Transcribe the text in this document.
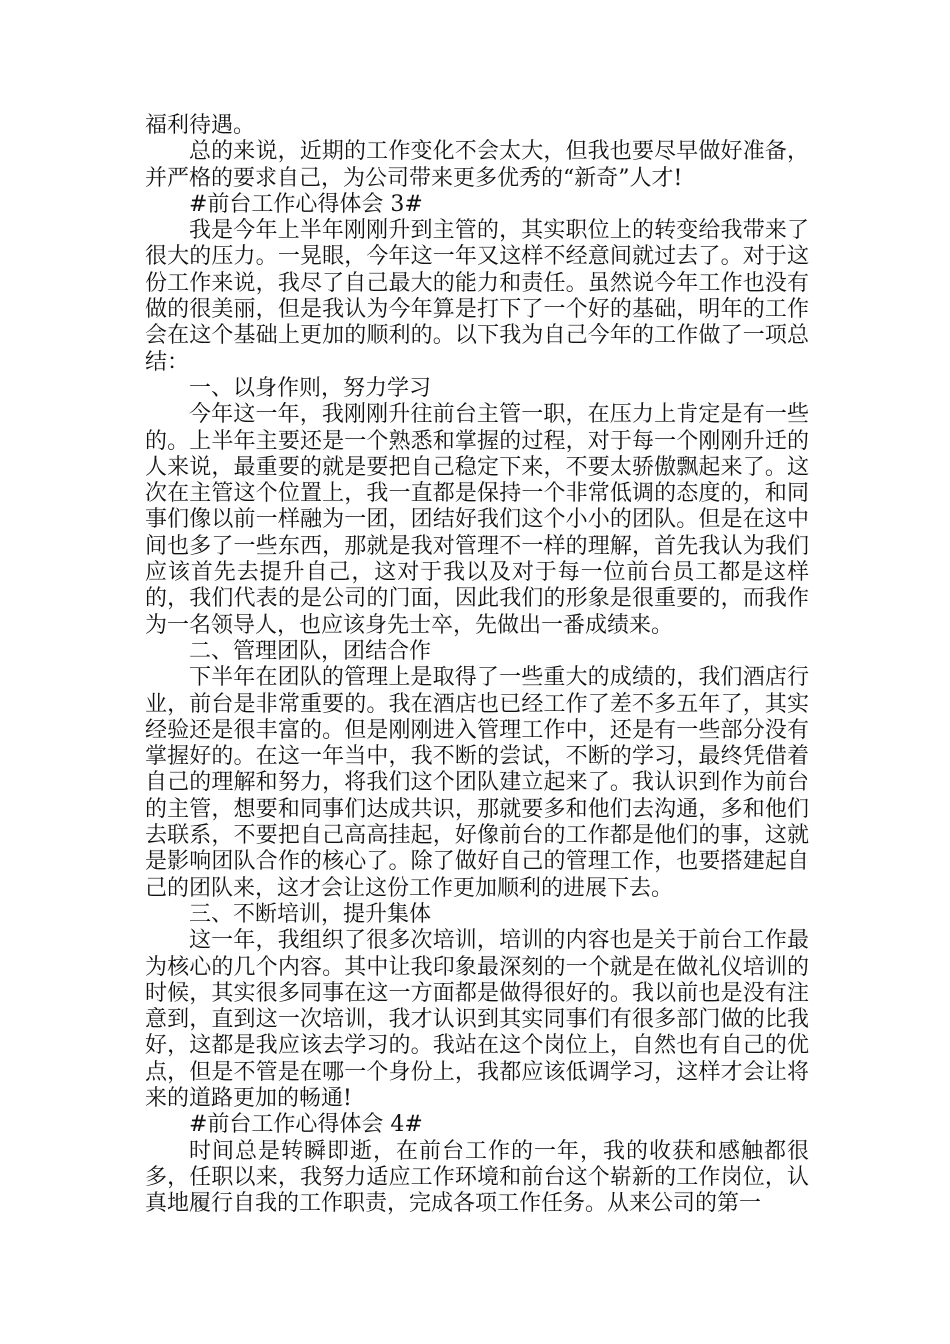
福利待遇。

总的来说，近期的工作变化不会太大，但我也要尽早做好准备，并严格的要求自己，为公司带来更多优秀的“新奇”人才!

#前台工作心得体会 3#

我是今年上半年刚刚升到主管的，其实职位上的转变给我带来了很大的压力。一晃眼，今年这一年又这样不经意间就过去了。对于这份工作来说，我尽了自己最大的能力和责任。虽然说今年工作也没有做的很美丽，但是我认为今年算是打下了一个好的基础，明年的工作会在这个基础上更加的顺利的。以下我为自己今年的工作做了一项总结：

一、以身作则，努力学习

今年这一年，我刚刚升往前台主管一职，在压力上肯定是有一些的。上半年主要还是一个熟悉和掌握的过程，对于每一个刚刚升迁的人来说，最重要的就是要把自己稳定下来，不要太骄傲飘起来了。这次在主管这个位置上，我一直都是保持一个非常低调的态度的，和同事们像以前一样融为一团，团结好我们这个小小的团队。但是在这中间也多了一些东西，那就是我对管理不一样的理解，首先我认为我们应该首先去提升自己，这对于我以及对于每一位前台员工都是这样的，我们代表的是公司的门面，因此我们的形象是很重要的，而我作为一名领导人，也应该身先士卒，先做出一番成绩来。

二、管理团队，团结合作

下半年在团队的管理上是取得了一些重大的成绩的，我们酒店行业，前台是非常重要的。我在酒店也已经工作了差不多五年了，其实经验还是很丰富的。但是刚刚进入管理工作中，还是有一些部分没有掌握好的。在这一年当中，我不断的尝试，不断的学习，最终凭借着自己的理解和努力，将我们这个团队建立起来了。我认识到作为前台的主管，想要和同事们达成共识，那就要多和他们去沟通，多和他们去联系，不要把自己高高挂起，好像前台的工作都是他们的事，这就是影响团队合作的核心了。除了做好自己的管理工作，也要搭建起自己的团队来，这才会让这份工作更加顺利的进展下去。

三、不断培训，提升集体

这一年，我组织了很多次培训，培训的内容也是关于前台工作最为核心的几个内容。其中让我印象最深刻的一个就是在做礼仪培训的时候，其实很多同事在这一方面都是做得很好的。我以前也是没有注意到，直到这一次培训，我才认识到其实同事们有很多部门做的比我好，这都是我应该去学习的。我站在这个岗位上，自然也有自己的优点，但是不管是在哪一个身份上，我都应该低调学习，这样才会让将来的道路更加的畅通!

#前台工作心得体会 4#

时间总是转瞬即逝，在前台工作的一年，我的收获和感触都很多，任职以来，我努力适应工作环境和前台这个崭新的工作岗位，认真地履行自我的工作职责，完成各项工作任务。从来公司的第一
